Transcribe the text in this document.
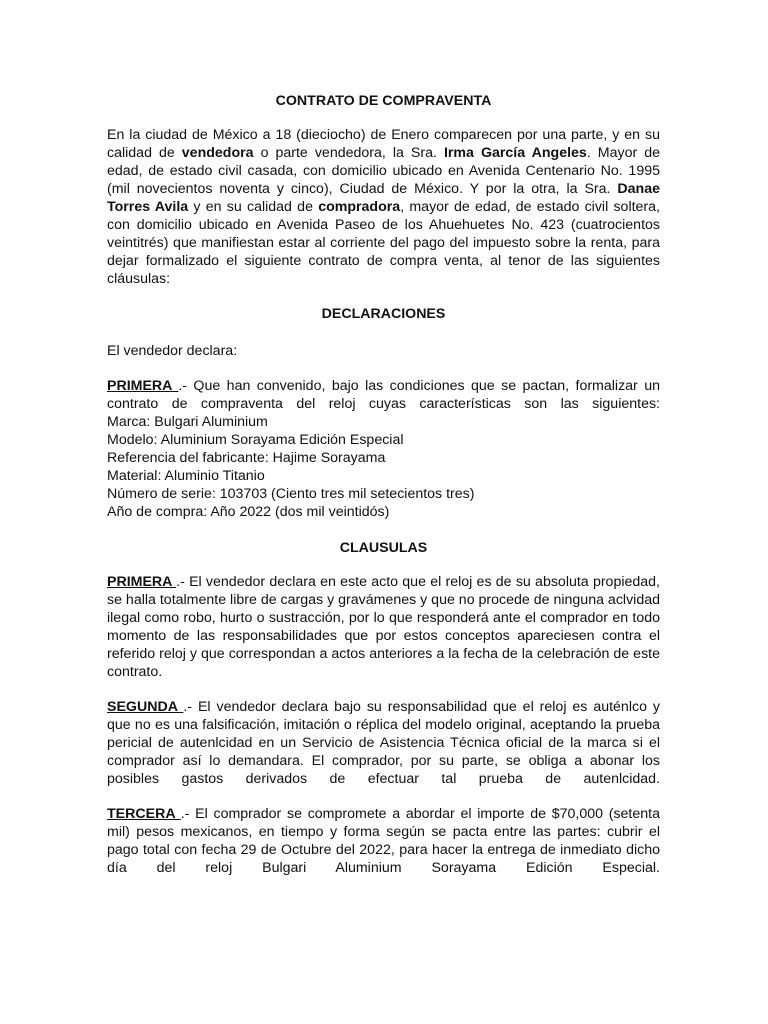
CONTRATO DE COMPRAVENTA

En la ciudad de México a 18 (dieciocho) de Enero comparecen por una parte, y en su calidad de vendedora o parte vendedora, la Sra. Irma García Angeles. Mayor de edad, de estado civil casada, con domicilio ubicado en Avenida Centenario No. 1995 (mil novecientos noventa y cinco), Ciudad de México. Y por la otra, la Sra. Danae Torres Avila y en su calidad de compradora, mayor de edad, de estado civil soltera, con domicilio ubicado en Avenida Paseo de los Ahuehuetes No. 423 (cuatrocientos veintitrés) que manifiestan estar al corriente del pago del impuesto sobre la renta, para dejar formalizado el siguiente contrato de compra venta, al tenor de las siguientes cláusulas:

DECLARACIONES

El vendedor declara:

PRIMERA .- Que han convenido, bajo las condiciones que se pactan, formalizar un contrato de compraventa del reloj cuyas características son las siguientes:

Marca: Bulgari Aluminium
Modelo: Aluminium Sorayama Edición Especial
Referencia del fabricante: Hajime Sorayama
Material: Aluminio Titanio
Número de serie: 103703 (Ciento tres mil setecientos tres)
Año de compra: Año 2022 (dos mil veintidós)
CLAUSULAS

PRIMERA .- El vendedor declara en este acto que el reloj es de su absoluta propiedad, se halla totalmente libre de cargas y gravámenes y que no procede de ninguna aclvidad ilegal como robo, hurto o sustracción, por lo que responderá ante el comprador en todo momento de las responsabilidades que por estos conceptos apareciesen contra el referido reloj y que correspondan a actos anteriores a la fecha de la celebración de este contrato.

SEGUNDA .- El vendedor declara bajo su responsabilidad que el reloj es auténlco y que no es una falsificación, imitación o réplica del modelo original, aceptando la prueba pericial de autenlcidad en un Servicio de Asistencia Técnica oficial de la marca si el comprador así lo demandara. El comprador, por su parte, se obliga a abonar los posibles gastos derivados de efectuar tal prueba de autenlcidad.

TERCERA .- El comprador se compromete a abordar el importe de $70,000 (setenta mil) pesos mexicanos, en tiempo y forma según se pacta entre las partes: cubrir el pago total con fecha 29 de Octubre del 2022, para hacer la entrega de inmediato dicho día del reloj Bulgari Aluminium Sorayama Edición Especial.
